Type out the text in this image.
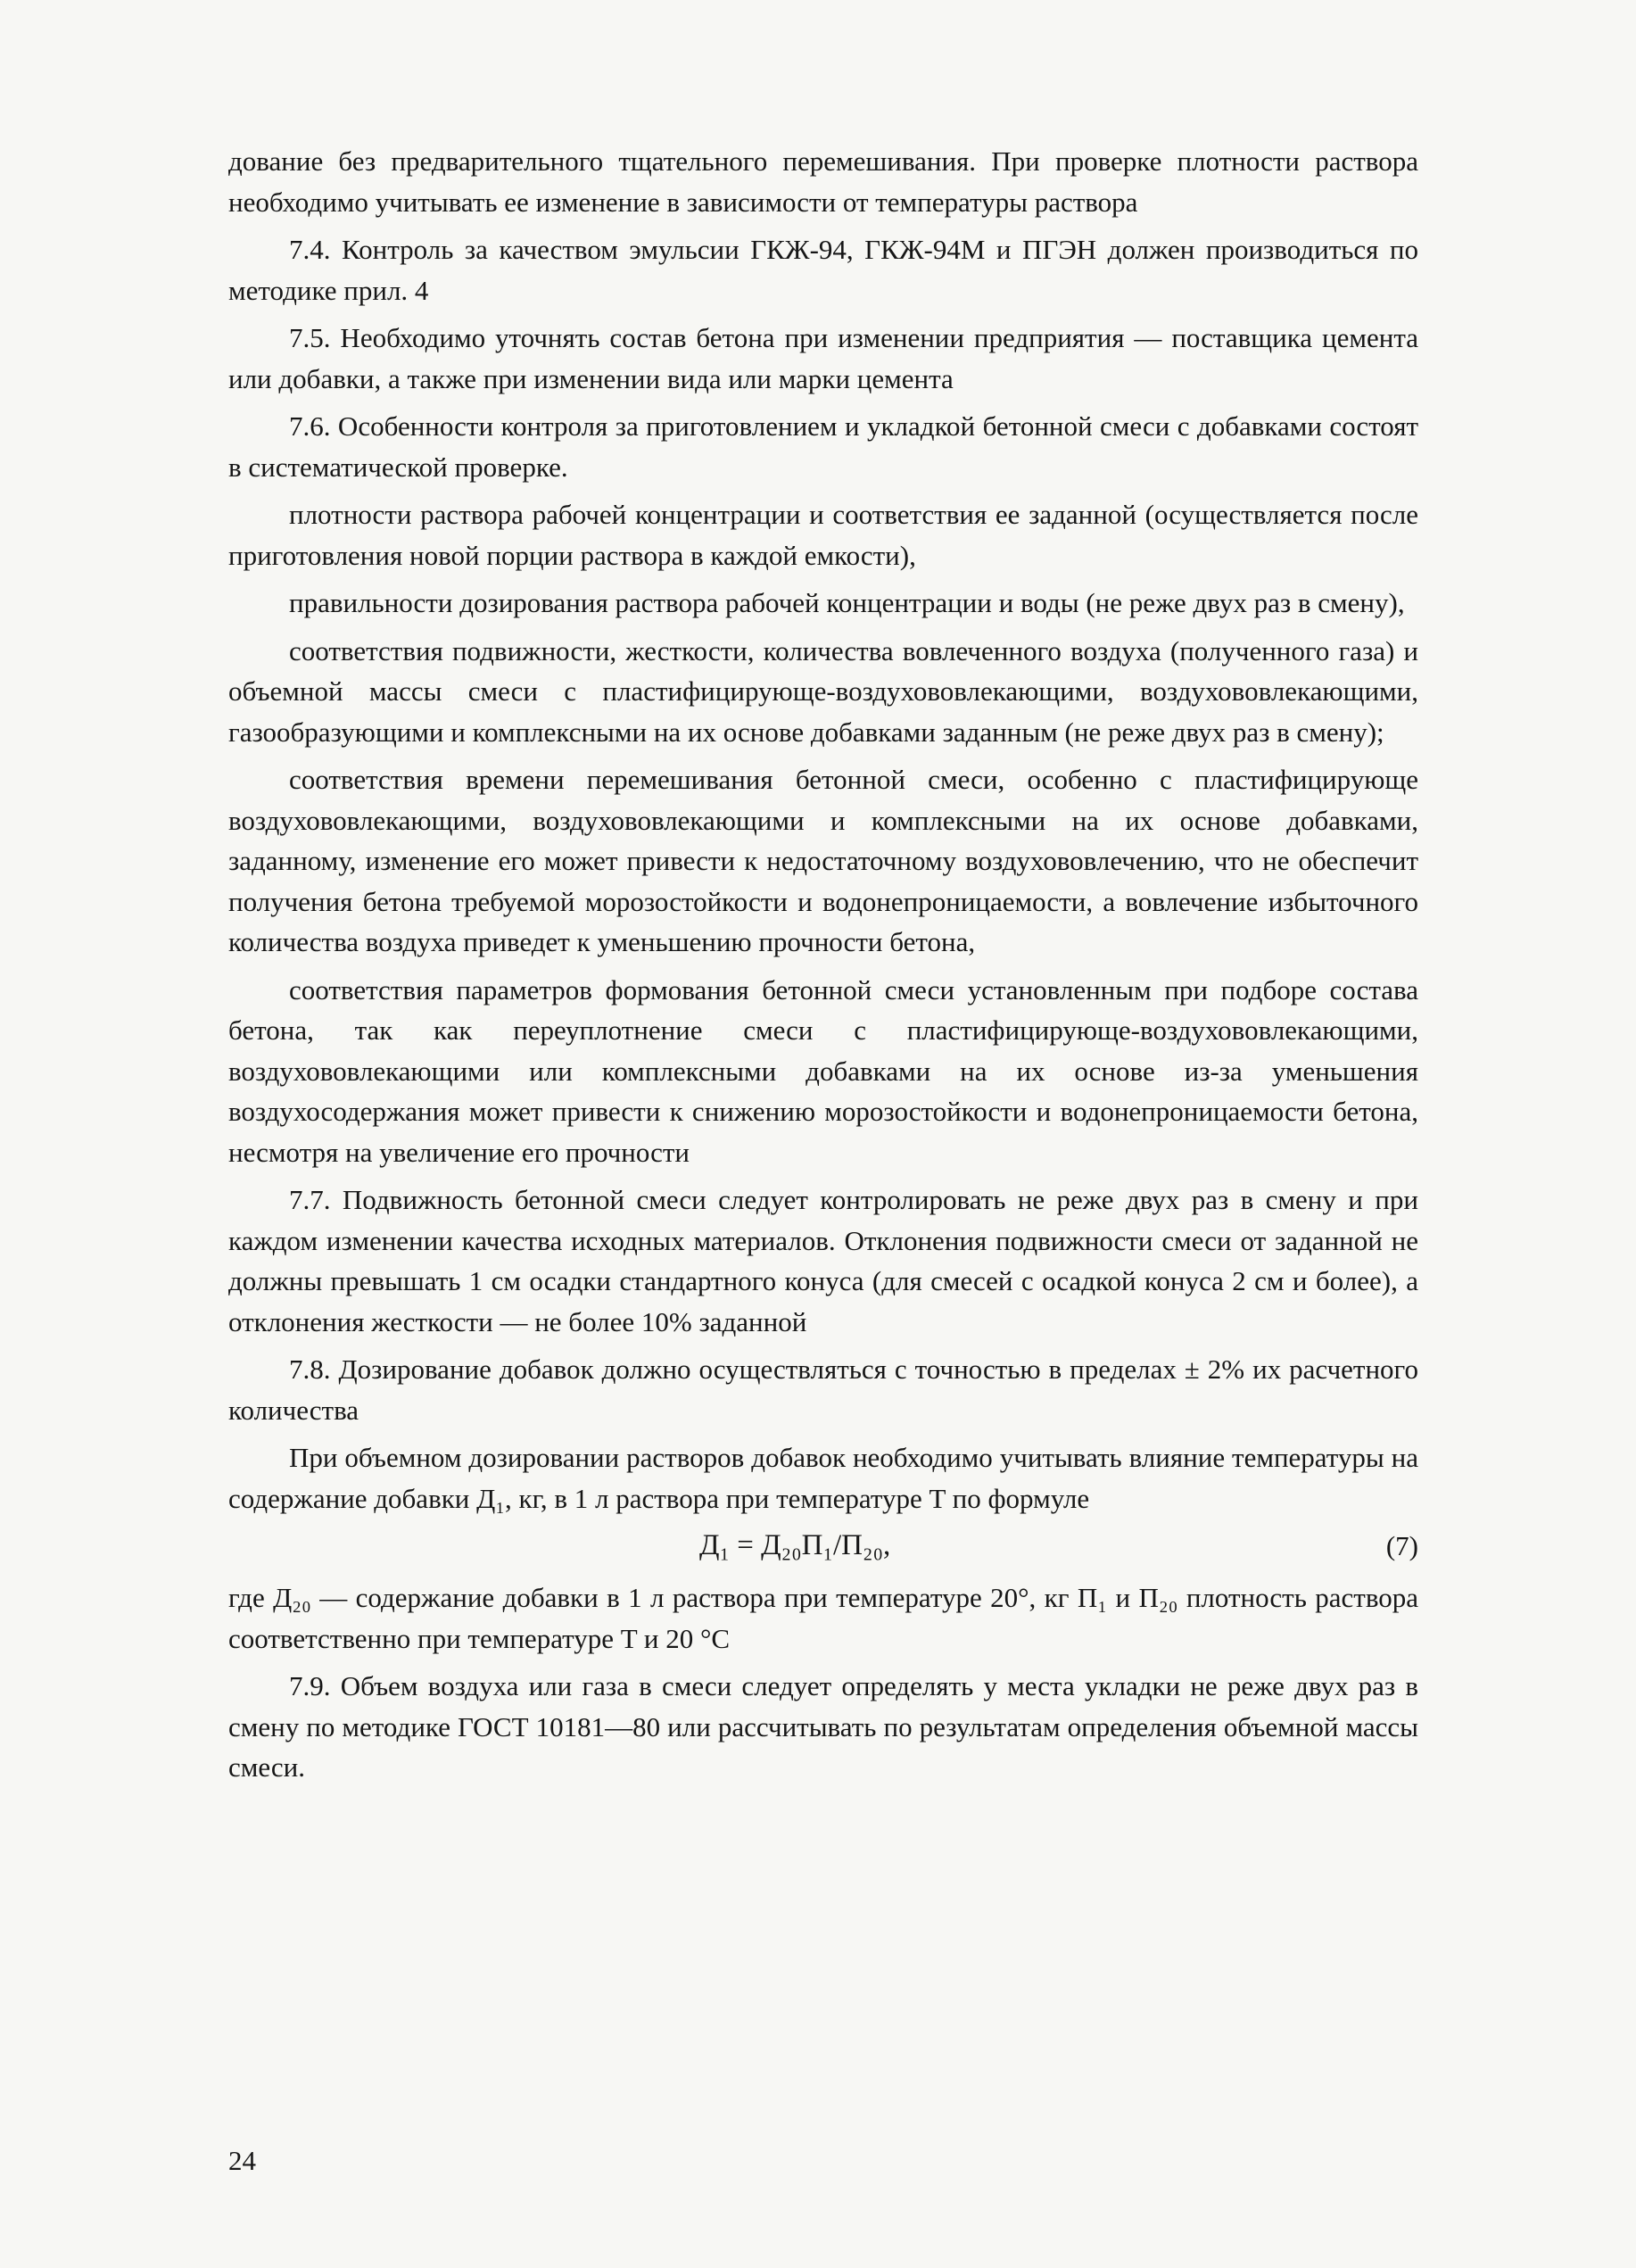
дование без предварительного тщательного перемешивания. При проверке плотности раствора необходимо учитывать ее изменение в зависимости от температуры раствора

7.4. Контроль за качеством эмульсии ГКЖ-94, ГКЖ-94М и ПГЭН должен производиться по методике прил. 4

7.5. Необходимо уточнять состав бетона при изменении предприятия — поставщика цемента или добавки, а также при изменении вида или марки цемента

7.6. Особенности контроля за приготовлением и укладкой бетонной смеси с добавками состоят в систематической проверке.

плотности раствора рабочей концентрации и соответствия ее заданной (осуществляется после приготовления новой порции раствора в каждой емкости),

правильности дозирования раствора рабочей концентрации и воды (не реже двух раз в смену),

соответствия подвижности, жесткости, количества вовлеченного воздуха (полученного газа) и объемной массы смеси с пластифицирующе-воздухововлекающими, воздухововлекающими, газообразующими и комплексными на их основе добавками заданным (не реже двух раз в смену);

соответствия времени перемешивания бетонной смеси, особенно с пластифицирующе воздухововлекающими, воздухововлекающими и комплексными на их основе добавками, заданному, изменение его может привести к недостаточному воздухововлечению, что не обеспечит получения бетона требуемой морозостойкости и водонепроницаемости, а вовлечение избыточного количества воздуха приведет к уменьшению прочности бетона,

соответствия параметров формования бетонной смеси установленным при подборе состава бетона, так как переуплотнение смеси с пластифицирующе-воздухововлекающими, воздухововлекающими или комплексными добавками на их основе из-за уменьшения воздухосодержания может привести к снижению морозостойкости и водонепроницаемости бетона, несмотря на увеличение его прочности

7.7. Подвижность бетонной смеси следует контролировать не реже двух раз в смену и при каждом изменении качества исходных материалов. Отклонения подвижности смеси от заданной не должны превышать 1 см осадки стандартного конуса (для смесей с осадкой конуса 2 см и более), а отклонения жесткости — не более 10% заданной

7.8. Дозирование добавок должно осуществляться с точностью в пределах ± 2% их расчетного количества

При объемном дозировании растворов добавок необходимо учитывать влияние температуры на содержание добавки Д₁, кг, в 1 л раствора при температуре T по формуле

Д₁ = Д₂₀П₁/П₂₀,	(7)

где Д₂₀ — содержание добавки в 1 л раствора при температуре 20°, кг П₁ и П₂₀ плотность раствора соответственно при температуре T и 20 °С

7.9. Объем воздуха или газа в смеси следует определять у места укладки не реже двух раз в смену по методике ГОСТ 10181—80 или рассчитывать по результатам определения объемной массы смеси.

24
